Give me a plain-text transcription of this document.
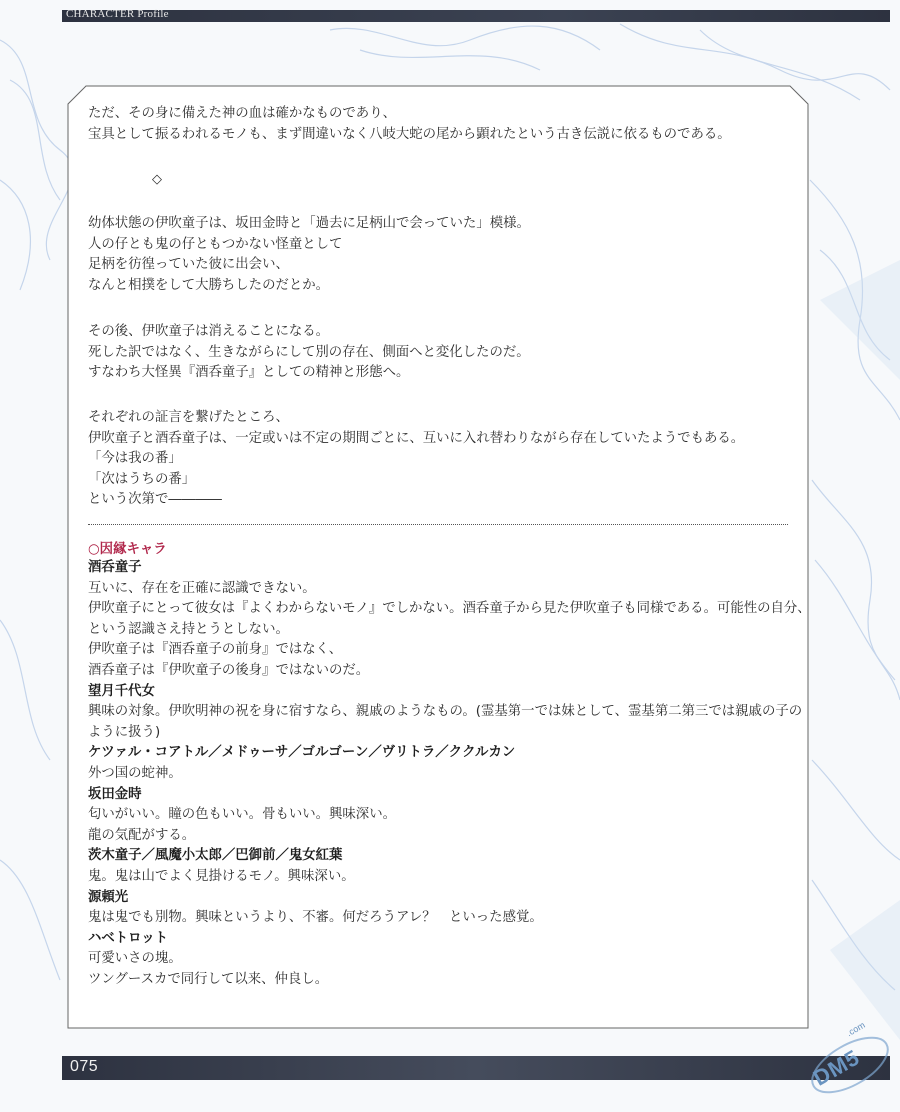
CHARACTER Profile
ただ、その身に備えた神の血は確かなものであり、
宝具として振るわれるモノも、まず間違いなく八岐大蛇の尾から顕れたという古き伝説に依るものである。
◇
幼体状態の伊吹童子は、坂田金時と「過去に足柄山で会っていた」模様。
人の仔とも鬼の仔ともつかない怪童として
足柄を彷徨っていた彼に出会い、
なんと相撲をして大勝ちしたのだとか。
その後、伊吹童子は消えることになる。
死した訳ではなく、生きながらにして別の存在、側面へと変化したのだ。
すなわち大怪異『酒呑童子』としての精神と形態へ。
それぞれの証言を繋げたところ、
伊吹童子と酒呑童子は、一定或いは不定の期間ごとに、互いに入れ替わりながら存在していたようでもある。
「今は我の番」
「次はうちの番」
という次第で――――
○因縁キャラ
酒呑童子
互いに、存在を正確に認識できない。
伊吹童子にとって彼女は『よくわからないモノ』でしかない。酒呑童子から見た伊吹童子も同様である。可能性の自分、
という認識さえ持とうとしない。
伊吹童子は『酒呑童子の前身』ではなく、
酒呑童子は『伊吹童子の後身』ではないのだ。
望月千代女
興味の対象。伊吹明神の祝を身に宿すなら、親戚のようなもの。(霊基第一では妹として、霊基第二第三では親戚の子の
ように扱う)
ケツァル・コアトル／メドゥーサ／ゴルゴーン／ヴリトラ／ククルカン
外つ国の蛇神。
坂田金時
匂いがいい。瞳の色もいい。骨もいい。興味深い。
龍の気配がする。
茨木童子／風魔小太郎／巴御前／鬼女紅葉
鬼。鬼は山でよく見掛けるモノ。興味深い。
源頼光
鬼は鬼でも別物。興味というより、不審。何だろうアレ？　といった感覚。
ハベトロット
可愛いさの塊。
ツングースカで同行して以来、仲良し。
075	DM5
.com
